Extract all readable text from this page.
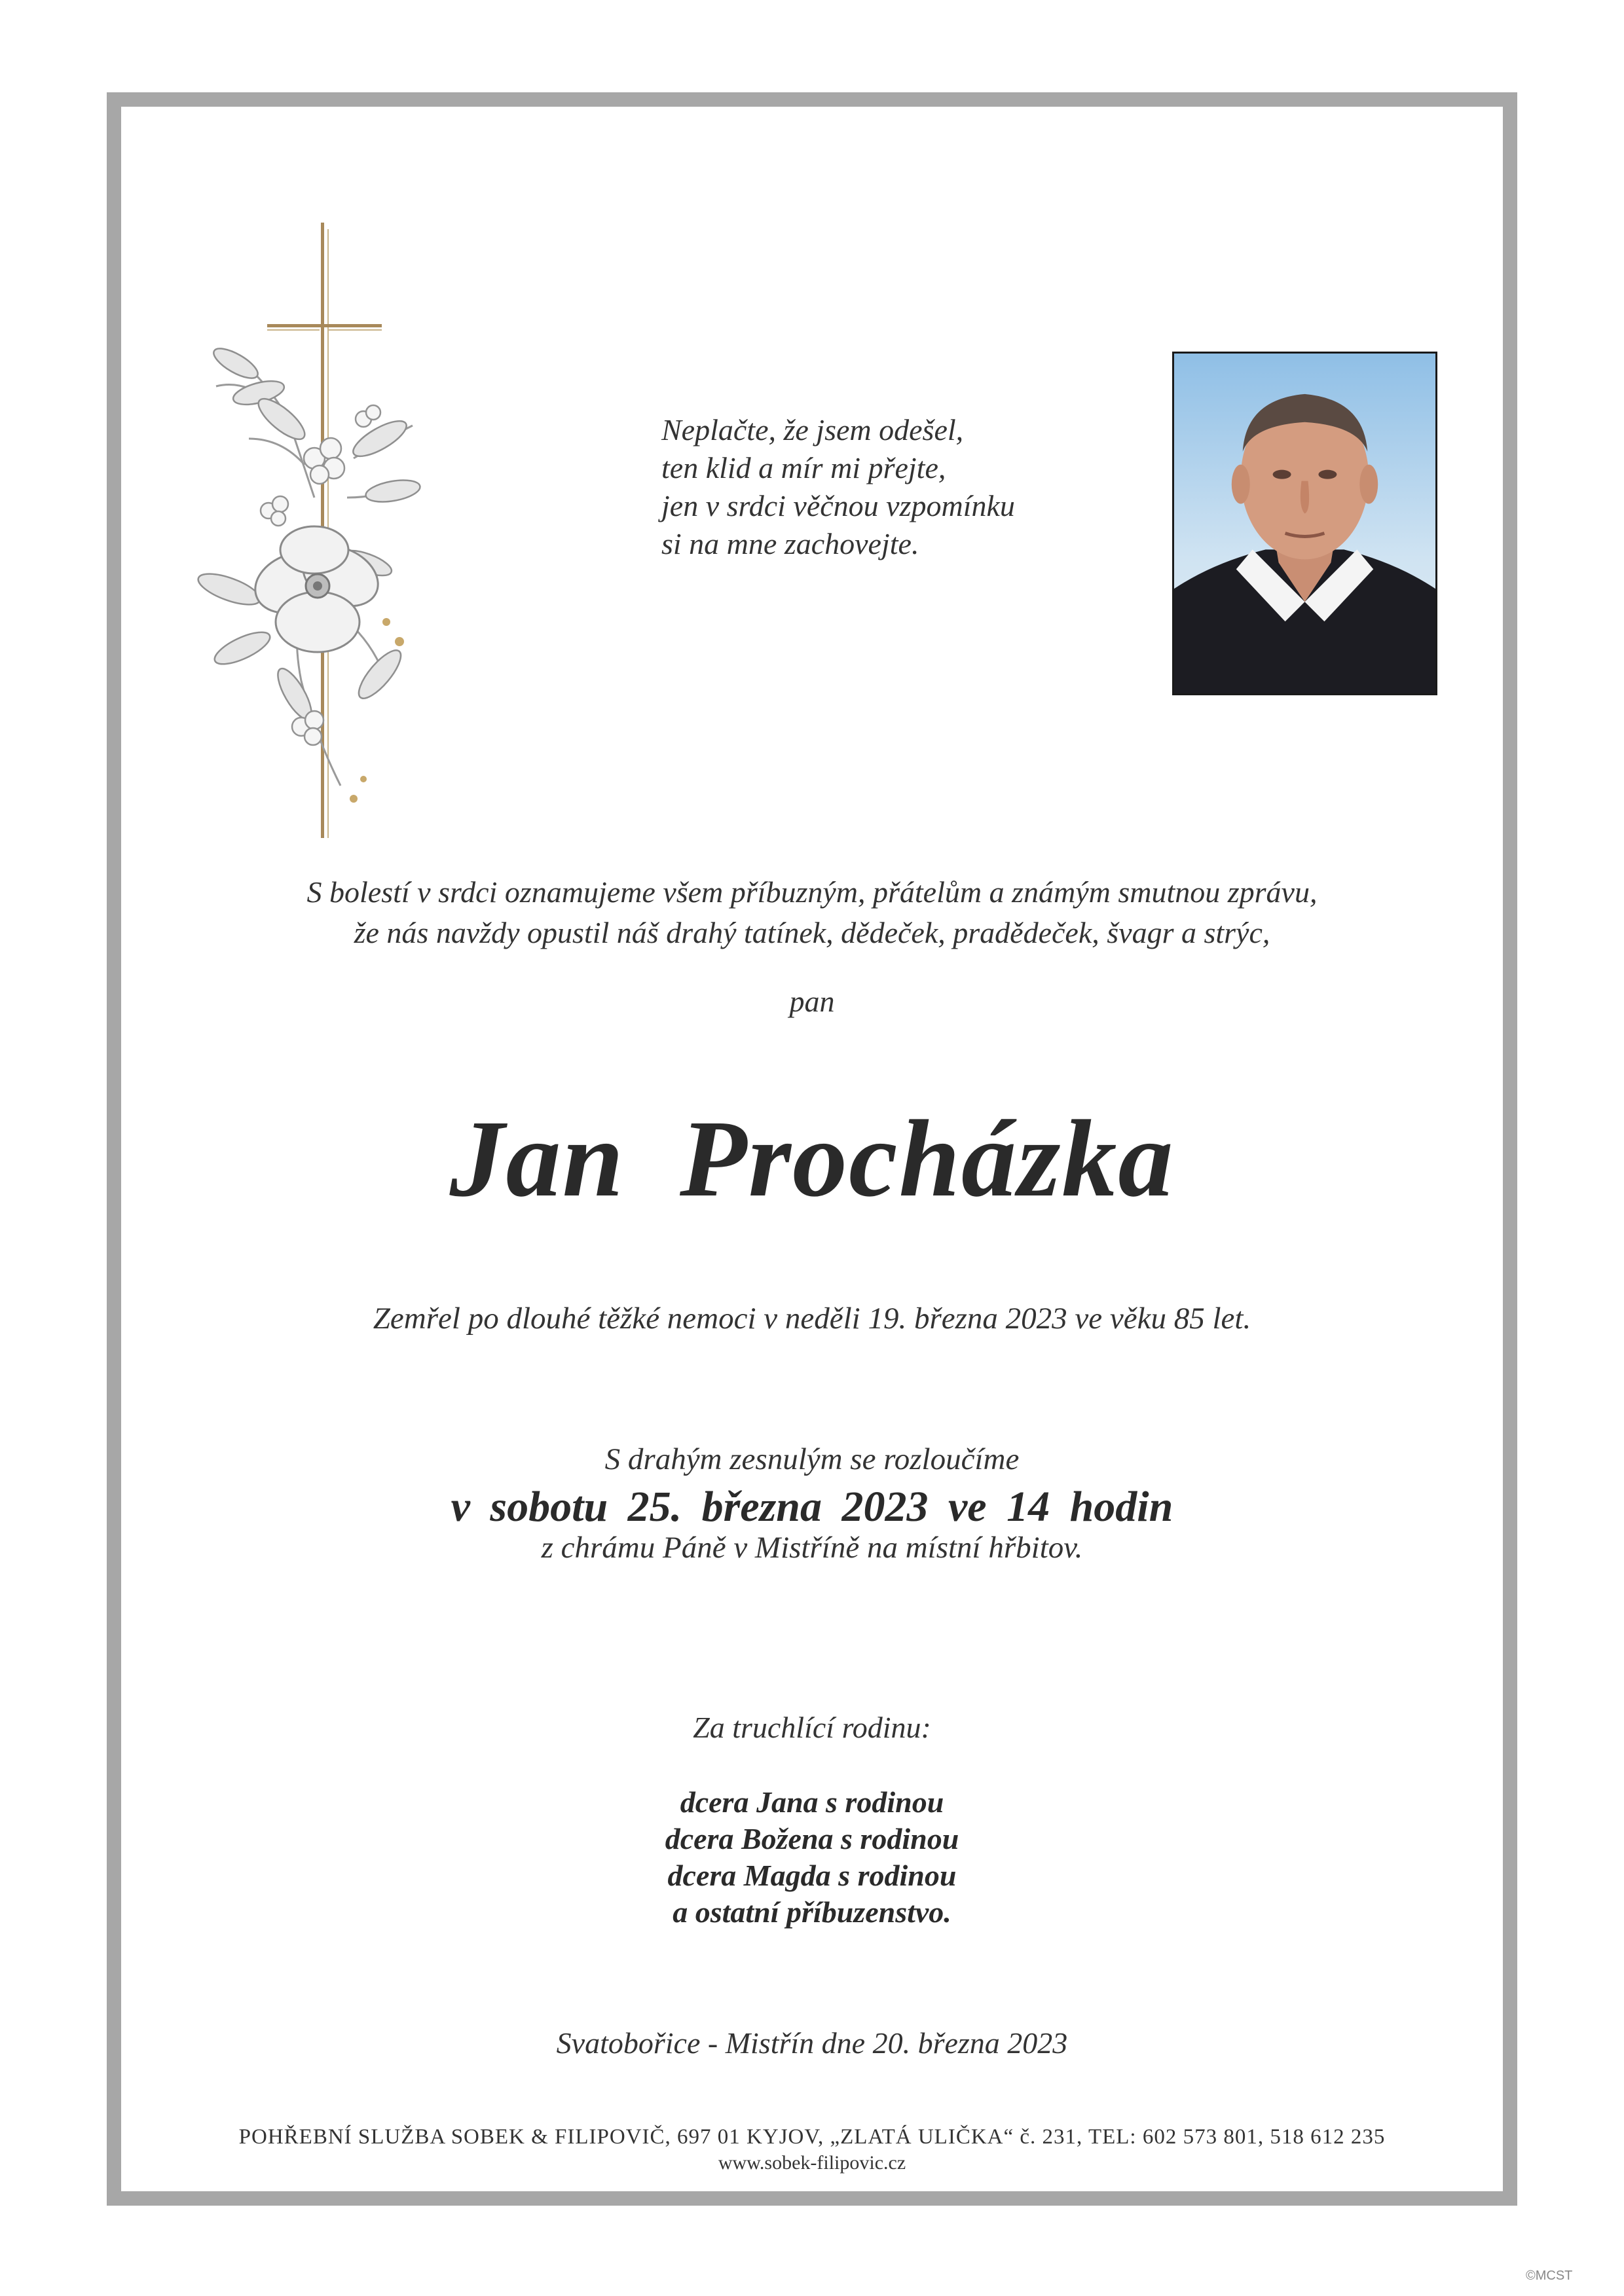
Neplačte, že jsem odešel,
ten klid a mír mi přejte,
jen v srdci věčnou vzpomínku
si na mne zachovejte.
S bolestí v srdci oznamujeme všem příbuzným, přátelům a známým smutnou zprávu,
že nás navždy opustil náš drahý tatínek, dědeček, pradědeček, švagr a strýc,
pan
Jan Procházka
Zemřel po dlouhé těžké nemoci v neděli 19. března 2023 ve věku 85 let.
S drahým zesnulým se rozloučíme
v sobotu 25. března 2023 ve 14 hodin
z chrámu Páně v Mistříně na místní hřbitov.
Za truchlící rodinu:
dcera Jana s rodinou
dcera Božena s rodinou
dcera Magda s rodinou
a ostatní příbuzenstvo.
Svatobořice - Mistřín dne 20. března 2023
POHŘEBNÍ SLUŽBA SOBEK & FILIPOVIČ, 697 01 KYJOV, „ZLATÁ ULIČKA“ č. 231, TEL: 602 573 801, 518 612 235
www.sobek-filipovic.cz
©MCST
